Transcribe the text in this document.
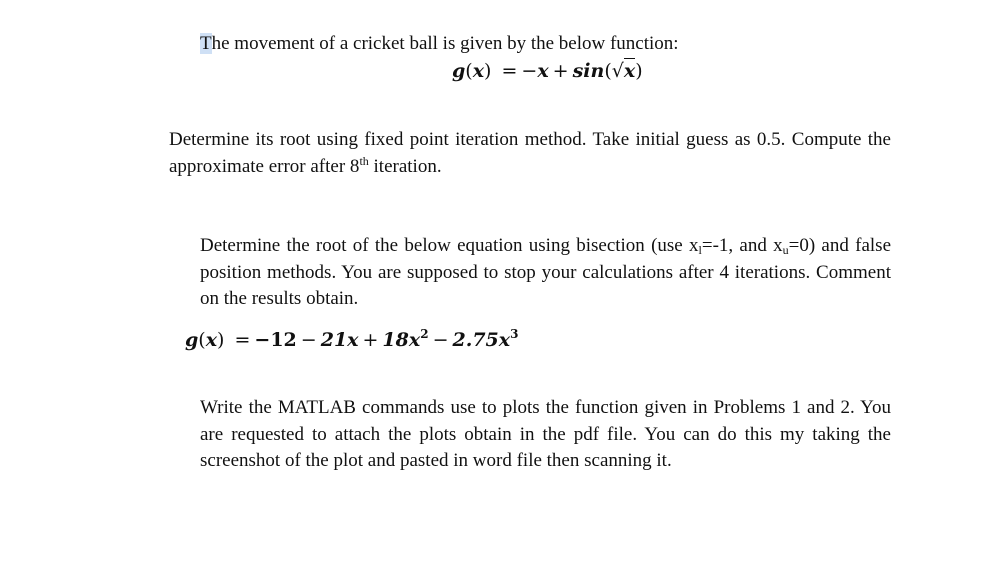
The movement of a cricket ball is given by the below function:
g(x) = −x + sin(√x)
Determine its root using fixed point iteration method. Take initial guess as 0.5. Compute the approximate error after 8th iteration.
Determine the root of the below equation using bisection (use $x_l=-1$, and $x_u=0$) and false position methods. You are supposed to stop your calculations after 4 iterations. Comment on the results obtain.
$g(x) = -12 - 21x + 18x^2 - 2.75x^3$
Write the MATLAB commands use to plots the function given in Problems 1 and 2. You are requested to attach the plots obtain in the pdf file. You can do this my taking the screenshot of the plot and pasted in word file then scanning it.
